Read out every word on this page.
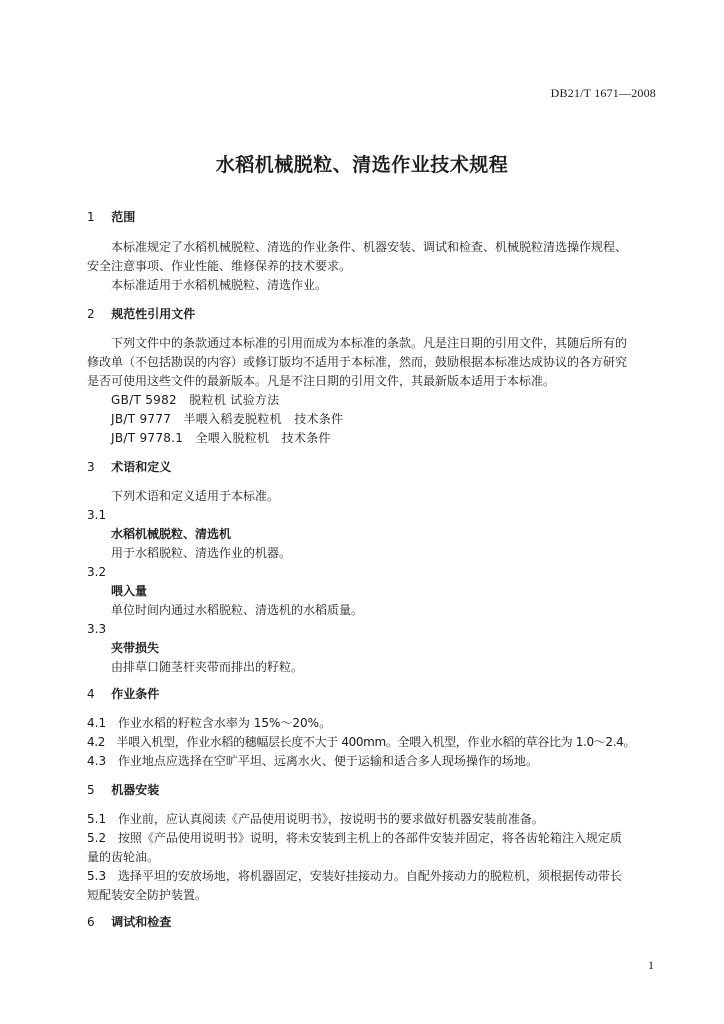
DB21/T 1671—2008
水稻机械脱粒、清选作业技术规程
1 范围
本标准规定了水稻机械脱粒、清选的作业条件、机器安装、调试和检查、机械脱粒清选操作规程、
安全注意事项、作业性能、维修保养的技术要求。
本标准适用于水稻机械脱粒、清选作业。
2 规范性引用文件
下列文件中的条款通过本标准的引用而成为本标准的条款。凡是注日期的引用文件，其随后所有的
修改单（不包括勘误的内容）或修订版均不适用于本标准，然而，鼓励根据本标准达成协议的各方研究
是否可使用这些文件的最新版本。凡是不注日期的引用文件，其最新版本适用于本标准。
GB/T 5982　脱粒机 试验方法
JB/T 9777　半喂入稻麦脱粒机　技术条件
JB/T 9778.1　全喂入脱粒机　技术条件
3 术语和定义
下列术语和定义适用于本标准。
3.1
水稻机械脱粒、清选机
用于水稻脱粒、清选作业的机器。
3.2
喂入量
单位时间内通过水稻脱粒、清选机的水稻质量。
3.3
夹带损失
由排草口随茎杆夹带而排出的籽粒。
4 作业条件
4.1 作业水稻的籽粒含水率为 15%～20%。
4.2 半喂入机型，作业水稻的穗幅层长度不大于 400mm。全喂入机型，作业水稻的草谷比为 1.0～2.4。
4.3 作业地点应选择在空旷平坦、远离水火、便于运输和适合多人现场操作的场地。
5 机器安装
5.1 作业前，应认真阅读《产品使用说明书》，按说明书的要求做好机器安装前准备。
5.2 按照《产品使用说明书》说明，将未安装到主机上的各部件安装并固定，将各齿轮箱注入规定质
量的齿轮油。
5.3 选择平坦的安放场地，将机器固定，安装好挂接动力。自配外接动力的脱粒机，须根据传动带长
短配装安全防护装置。
6 调试和检查
1
